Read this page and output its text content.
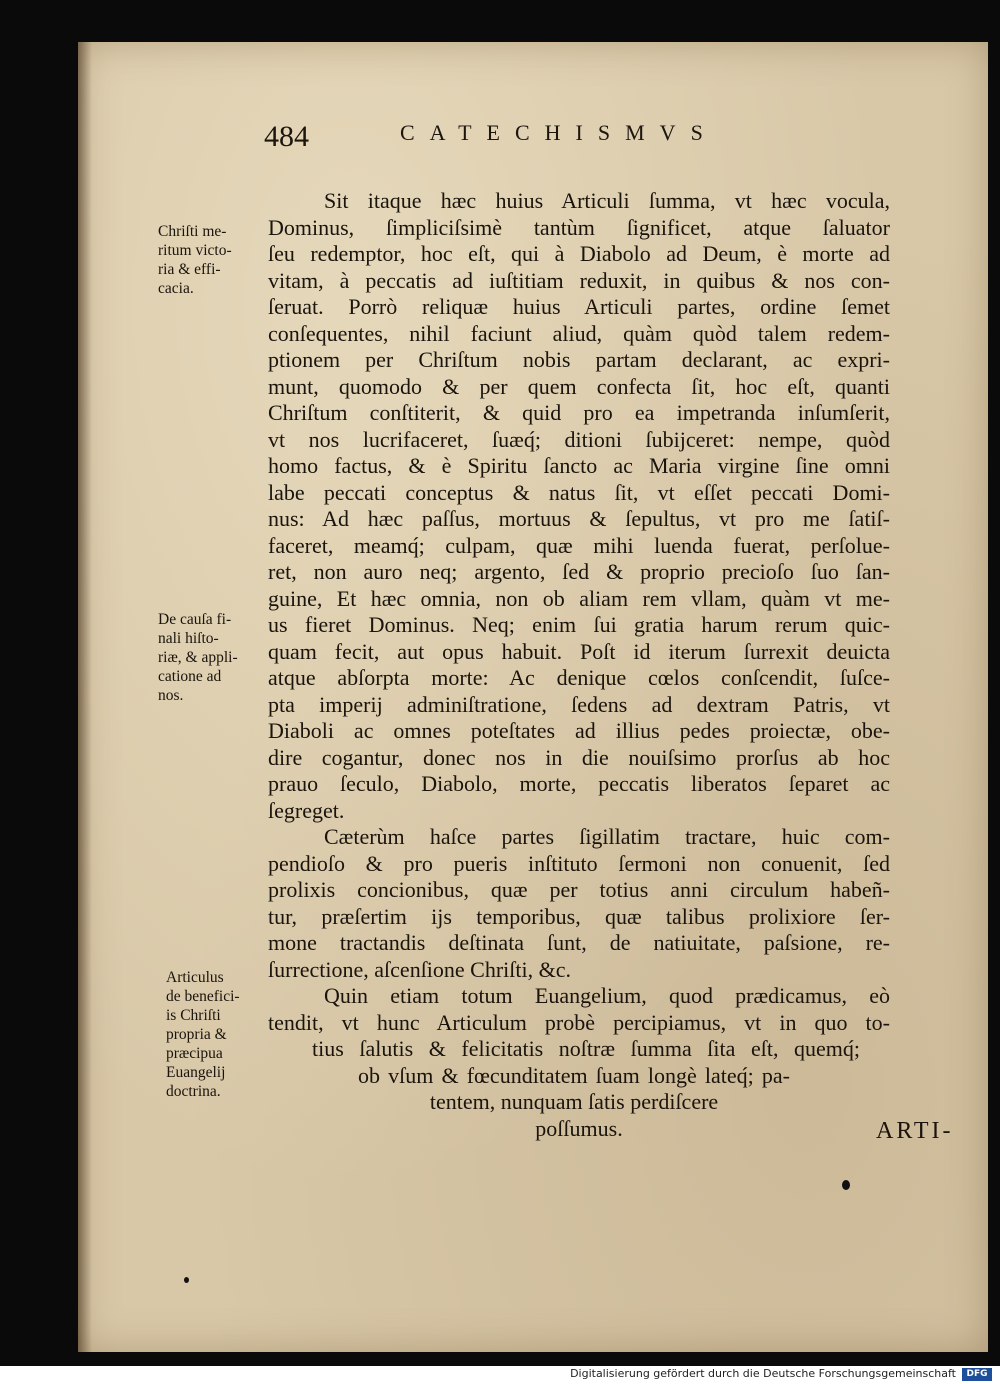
484	CATECHISMVS
Chriſti me-
ritum victo-
ria & effi-
cacia.
De cauſa fi-
nali hiſto-
riæ, & appli-
catione ad
nos.
Articulus
de benefici-
is Chriſti
propria &
præcipua
Euangelij
doctrina.
Sit itaque hæc huius Articuli ſumma, vt hæc vocula,
Dominus, ſimpliciſsimè tantùm ſignificet, atque ſaluator
ſeu redemptor, hoc eſt, qui à Diabolo ad Deum, è morte ad
vitam, à peccatis ad iuſtitiam reduxit, in quibus & nos con-
ſeruat. Porrò reliquæ huius Articuli partes, ordine ſemet
conſequentes, nihil faciunt aliud, quàm quòd talem redem-
ptionem per Chriſtum nobis partam declarant, ac expri-
munt, quomodo & per quem confecta ſit, hoc eſt, quanti
Chriſtum conſtiterit, & quid pro ea impetranda inſumſerit,
vt nos lucrifaceret, ſuæq́; ditioni ſubijceret: nempe, quòd
homo factus, & è Spiritu ſancto ac Maria virgine ſine omni
labe peccati conceptus & natus ſit, vt eſſet peccati Domi-
nus: Ad hæc paſſus, mortuus & ſepultus, vt pro me ſatiſ-
faceret, meamq́; culpam, quæ mihi luenda fuerat, perſolue-
ret, non auro neq; argento, ſed & proprio precioſo ſuo ſan-
guine, Et hæc omnia, non ob aliam rem vllam, quàm vt me-
us fieret Dominus. Neq; enim ſui gratia harum rerum quic-
quam fecit, aut opus habuit. Poſt id iterum ſurrexit deuicta
atque abſorpta morte: Ac denique cœlos conſcendit, ſuſce-
pta imperij adminiſtratione, ſedens ad dextram Patris, vt
Diaboli ac omnes poteſtates ad illius pedes proiectæ, obe-
dire cogantur, donec nos in die nouiſsimo prorſus ab hoc
prauo ſeculo, Diabolo, morte, peccatis liberatos ſeparet ac
ſegreget.
Cæterùm haſce partes ſigillatim tractare, huic com-
pendioſo & pro pueris inſtituto ſermoni non conuenit, ſed
prolixis concionibus, quæ per totius anni circulum habeñ-
tur, præſertim ijs temporibus, quæ talibus prolixiore ſer-
mone tractandis deſtinata ſunt, de natiuitate, paſsione, re-
ſurrectione, aſcenſione Chriſti, &c.
Quin etiam totum Euangelium, quod prædicamus, eò
tendit, vt hunc Articulum probè percipiamus, vt in quo to-
tius ſalutis & felicitatis noſtræ ſumma ſita eſt, quemq́;
ob vſum & fœcunditatem ſuam longè lateq́; pa-
tentem, nunquam ſatis perdiſcere
poſſumus.	ARTI-
Digitalisierung gefördert durch die Deutsche Forschungsgemeinschaft	DFG
